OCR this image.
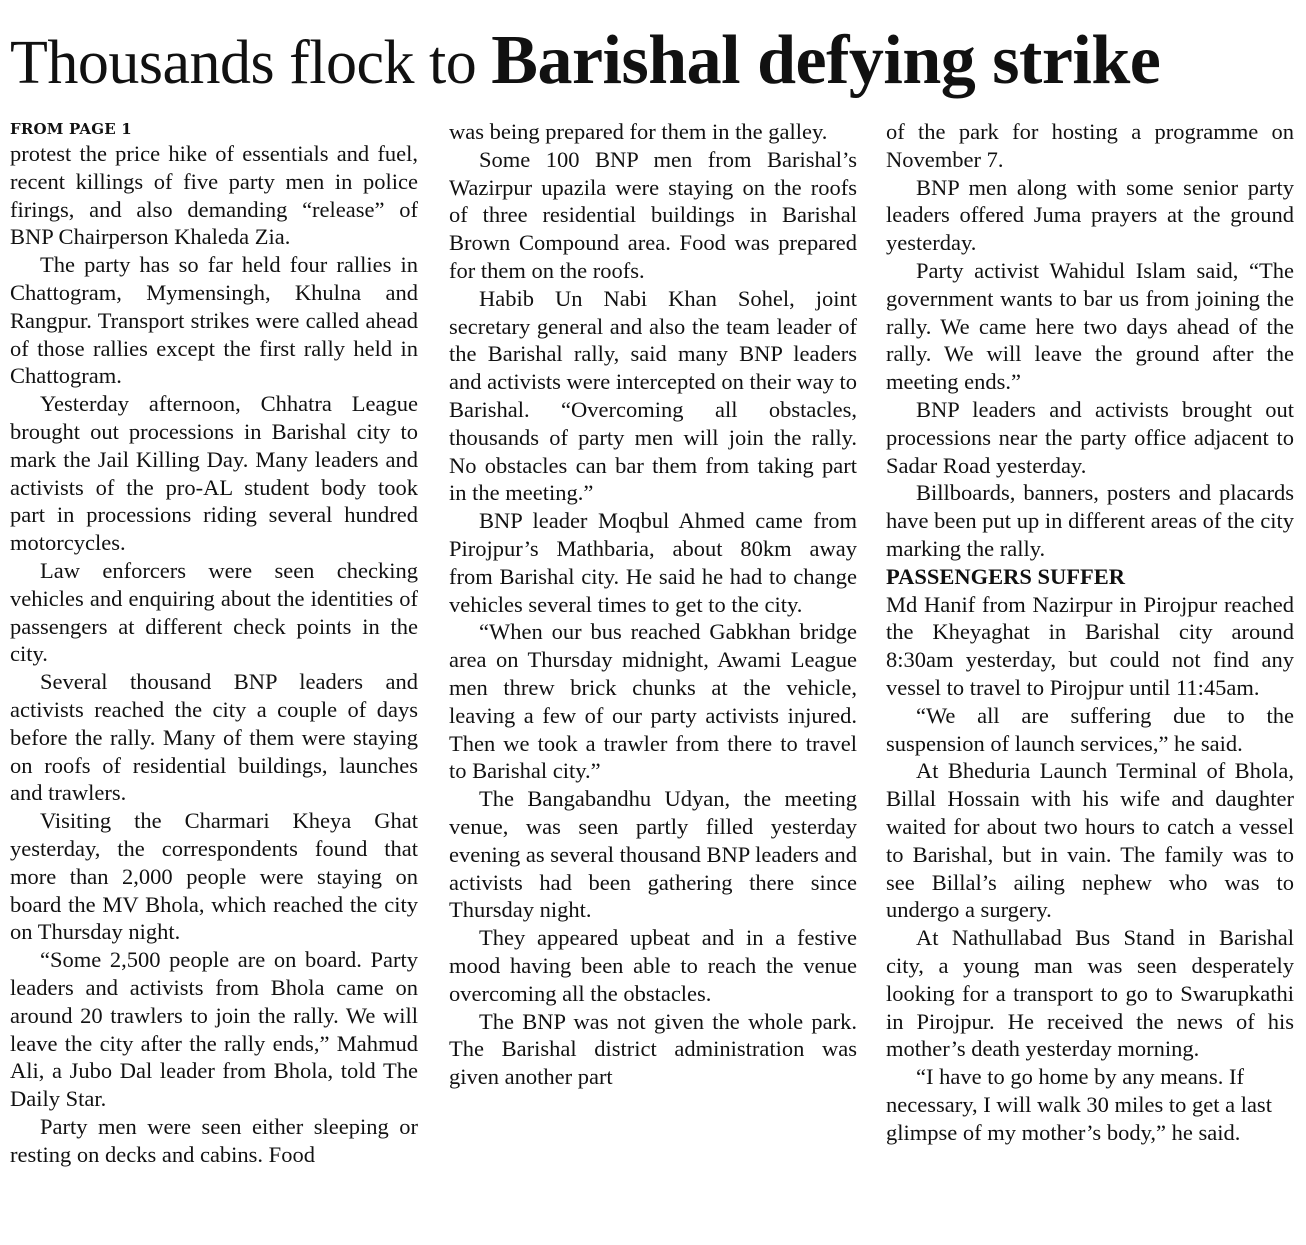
Thousands flock to Barishal defying strike
FROM PAGE 1

protest the price hike of essentials and fuel, recent killings of five party men in police firings, and also demanding “release” of BNP Chairperson Khaleda Zia.

The party has so far held four rallies in Chattogram, Mymensingh, Khulna and Rangpur. Transport strikes were called ahead of those rallies except the first rally held in Chattogram.

Yesterday afternoon, Chhatra League brought out processions in Barishal city to mark the Jail Killing Day. Many leaders and activists of the pro-AL student body took part in processions riding several hundred motorcycles.

Law enforcers were seen checking vehicles and enquiring about the identities of passengers at different check points in the city.

Several thousand BNP leaders and activists reached the city a couple of days before the rally. Many of them were staying on roofs of residential buildings, launches and trawlers.

Visiting the Charmari Kheya Ghat yesterday, the correspondents found that more than 2,000 people were staying on board the MV Bhola, which reached the city on Thursday night.

“Some 2,500 people are on board. Party leaders and activists from Bhola came on around 20 trawlers to join the rally. We will leave the city after the rally ends,” Mahmud Ali, a Jubo Dal leader from Bhola, told The Daily Star.

Party men were seen either sleeping or resting on decks and cabins. Food

was being prepared for them in the galley.

Some 100 BNP men from Barishal’s Wazirpur upazila were staying on the roofs of three residential buildings in Barishal Brown Compound area. Food was prepared for them on the roofs.

Habib Un Nabi Khan Sohel, joint secretary general and also the team leader of the Barishal rally, said many BNP leaders and activists were intercepted on their way to Barishal. “Overcoming all obstacles, thousands of party men will join the rally. No obstacles can bar them from taking part in the meeting.”

BNP leader Moqbul Ahmed came from Pirojpur’s Mathbaria, about 80km away from Barishal city. He said he had to change vehicles several times to get to the city.

“When our bus reached Gabkhan bridge area on Thursday midnight, Awami League men threw brick chunks at the vehicle, leaving a few of our party activists injured. Then we took a trawler from there to travel to Barishal city.”

The Bangabandhu Udyan, the meeting venue, was seen partly filled yesterday evening as several thousand BNP leaders and activists had been gathering there since Thursday night.

They appeared upbeat and in a festive mood having been able to reach the venue overcoming all the obstacles.

The BNP was not given the whole park. The Barishal district administration was given another part

of the park for hosting a programme on November 7.

BNP men along with some senior party leaders offered Juma prayers at the ground yesterday.

Party activist Wahidul Islam said, “The government wants to bar us from joining the rally. We came here two days ahead of the rally. We will leave the ground after the meeting ends.”

BNP leaders and activists brought out processions near the party office adjacent to Sadar Road yesterday.

Billboards, banners, posters and placards have been put up in different areas of the city marking the rally.

PASSENGERS SUFFER

Md Hanif from Nazirpur in Pirojpur reached the Kheyaghat in Barishal city around 8:30am yesterday, but could not find any vessel to travel to Pirojpur until 11:45am.

“We all are suffering due to the suspension of launch services,” he said.

At Bheduria Launch Terminal of Bhola, Billal Hossain with his wife and daughter waited for about two hours to catch a vessel to Barishal, but in vain. The family was to see Billal’s ailing nephew who was to undergo a surgery.

At Nathullabad Bus Stand in Barishal city, a young man was seen desperately looking for a transport to go to Swarupkathi in Pirojpur. He received the news of his mother’s death yesterday morning.

“I have to go home by any means. If necessary, I will walk 30 miles to get a last glimpse of my mother’s body,” he said.
